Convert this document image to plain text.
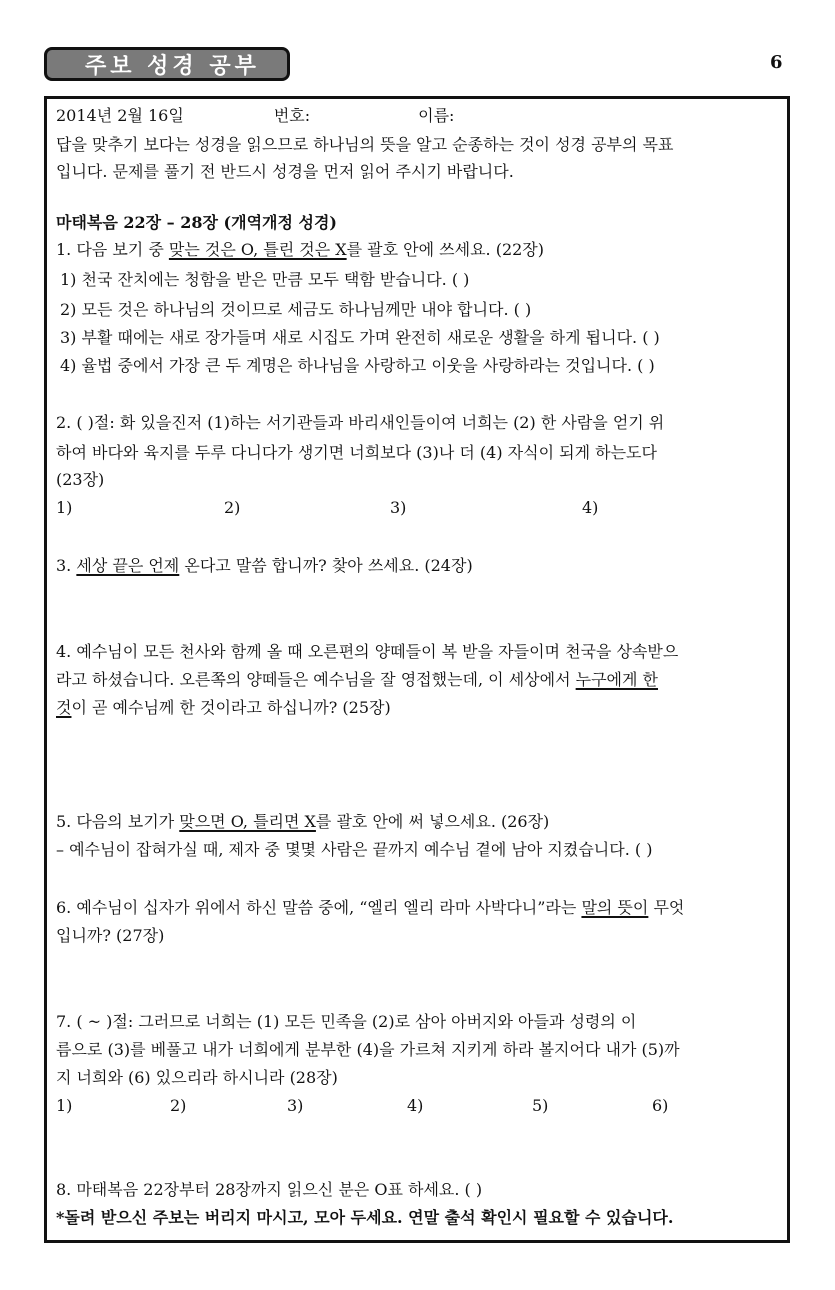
주보 성경 공부	6
2014년 2월 16일	번호:	이름:
답을 맞추기 보다는 성경을 읽으므로 하나님의 뜻을 알고 순종하는 것이 성경 공부의 목표
입니다. 문제를 풀기 전 반드시 성경을 먼저 읽어 주시기 바랍니다.
마태복음 22장 – 28장 (개역개정 성경)
1. 다음 보기 중 맞는 것은 O, 틀린 것은 X를 괄호 안에 쓰세요. (22장)
1) 천국 잔치에는 청함을 받은 만큼 모두 택함 받습니다. ( )
2) 모든 것은 하나님의 것이므로 세금도 하나님께만 내야 합니다. ( )
3) 부활 때에는 새로 장가들며 새로 시집도 가며 완전히 새로운 생활을 하게 됩니다. ( )
4) 율법 중에서 가장 큰 두 계명은 하나님을 사랑하고 이웃을 사랑하라는 것입니다. ( )
2. ( )절: 화 있을진저 (1)하는 서기관들과 바리새인들이여 너희는 (2) 한 사람을 얻기 위
하여 바다와 육지를 두루 다니다가 생기면 너희보다 (3)나 더 (4) 자식이 되게 하는도다
(23장)
1)	2)	3)	4)
3. 세상 끝은 언제 온다고 말씀 합니까? 찾아 쓰세요. (24장)
4. 예수님이 모든 천사와 함께 올 때 오른편의 양떼들이 복 받을 자들이며 천국을 상속받으
라고 하셨습니다. 오른쪽의 양떼들은 예수님을 잘 영접했는데, 이 세상에서 누구에게 한
것이 곧 예수님께 한 것이라고 하십니까? (25장)
5. 다음의 보기가 맞으면 O, 틀리면 X를 괄호 안에 써 넣으세요. (26장)
– 예수님이 잡혀가실 때, 제자 중 몇몇 사람은 끝까지 예수님 곁에 남아 지켰습니다. ( )
6. 예수님이 십자가 위에서 하신 말씀 중에, “엘리 엘리 라마 사박다니”라는 말의 뜻이 무엇
입니까? (27장)
7. ( ~ )절: 그러므로 너희는 (1) 모든 민족을 (2)로 삼아 아버지와 아들과 성령의 이
름으로 (3)를 베풀고 내가 너희에게 분부한 (4)을 가르쳐 지키게 하라 볼지어다 내가 (5)까
지 너희와 (6) 있으리라 하시니라 (28장)
1)	2)	3)	4)	5)	6)
8. 마태복음 22장부터 28장까지 읽으신 분은 O표 하세요. ( )
*돌려 받으신 주보는 버리지 마시고, 모아 두세요. 연말 출석 확인시 필요할 수 있습니다.
